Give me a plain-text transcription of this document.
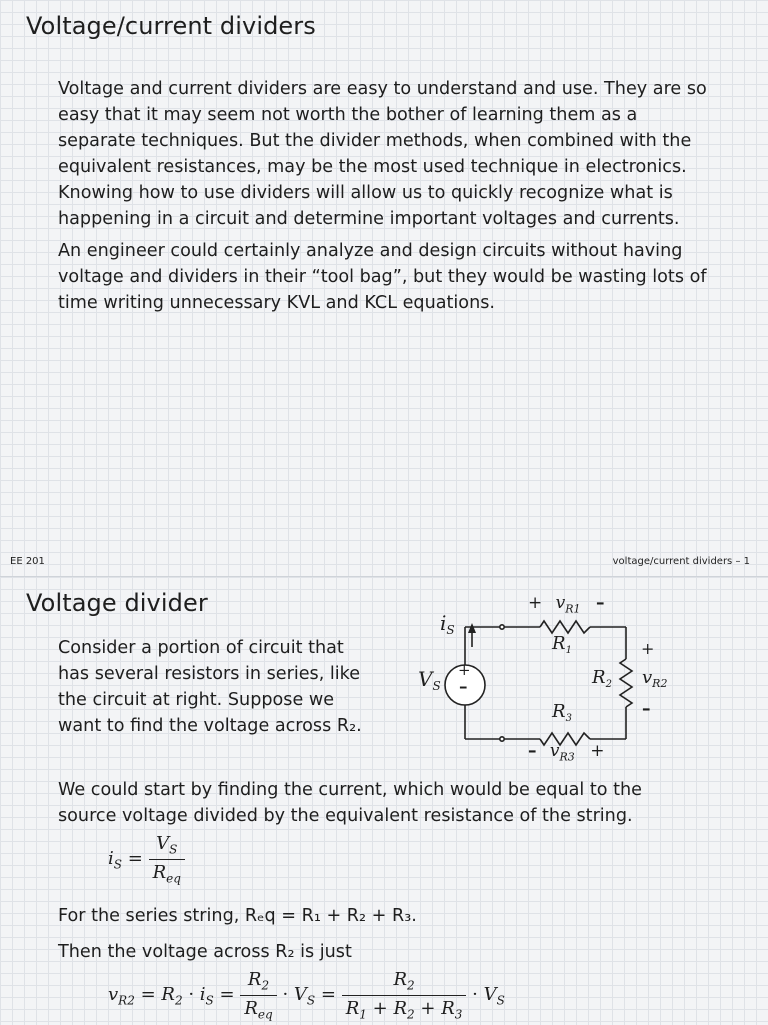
Voltage/current dividers

Voltage and current dividers are easy to understand and use. They are so easy that it may seem not worth the bother of learning them as a separate techniques. But the divider methods, when combined with the equivalent resistances, may be the most used technique in electronics. Knowing how to use dividers will allow us to quickly recognize what is happening in a circuit and determine important voltages and currents.

An engineer could certainly analyze and design circuits without having voltage and dividers in their “tool bag”, but they would be wasting lots of time writing unnecessary KVL and KCL equations.

EE 201	voltage/current dividers – 1
Voltage divider
Consider a portion of circuit that
has several resistors in series, like
the circuit at right. Suppose we
want to find the voltage across R₂.
+
–
$i_S$
$V_S$
+ $v_{R1}$ –
$R_1$
$R_2$
$R_3$
+
$v_{R2}$
–
– $v_{R3}$ +

We could start by finding the current, which would be equal to the source voltage divided by the equivalent resistance of the string.

$i_S = \frac{V_S}{R_{eq}}$

For the series string, Rₑq = R₁ + R₂ + R₃.

Then the voltage across R₂ is just

$v_{R2} = R_2 \cdot i_S = \frac{R_2}{R_{eq}} \cdot V_S = \frac{R_2}{R_1 + R_2 + R_3} \cdot V_S$
